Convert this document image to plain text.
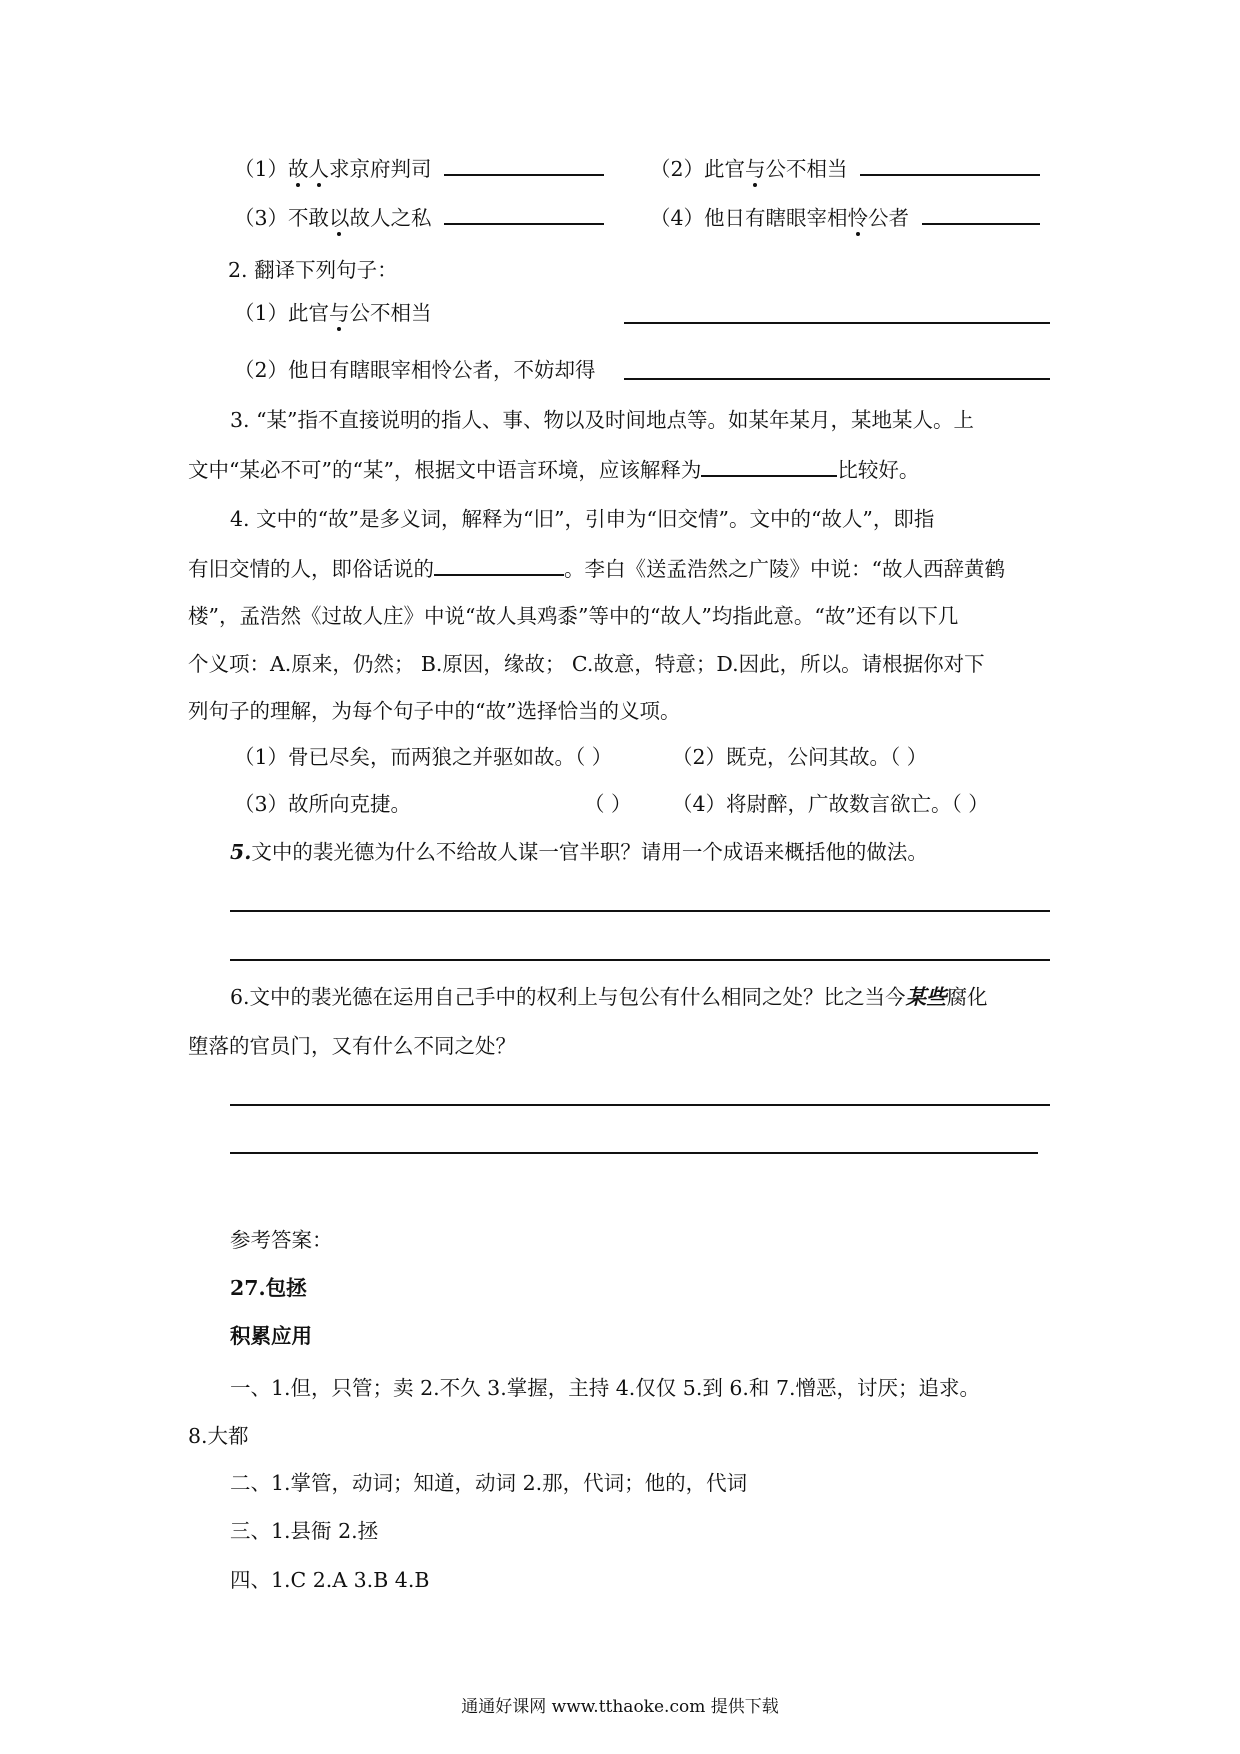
（1）故人求京府判司	（2）此官与公不相当
（3）不敢以故人之私	（4）他日有瞎眼宰相怜公者
2. 翻译下列句子：
（1）此官与公不相当
（2）他日有瞎眼宰相怜公者，不妨却得
3. “某”指不直接说明的指人、事、物以及时间地点等。如某年某月，某地某人。上
文中“某必不可”的“某”，根据文中语言环境，应该解释为	比较好。
4. 文中的“故”是多义词，解释为“旧”，引申为“旧交情”。文中的“故人”，即指
有旧交情的人，即俗话说的	。李白《送孟浩然之广陵》中说：“故人西辞黄鹤
楼”，孟浩然《过故人庄》中说“故人具鸡黍”等中的“故人”均指此意。“故”还有以下几
个义项：A.原来，仍然； B.原因，缘故； C.故意，特意；D.因此，所以。请根据你对下
列句子的理解，为每个句子中的“故”选择恰当的义项。
（1）骨已尽矣，而两狼之并驱如故。（ ）	（2）既克，公问其故。（ ）
（3）故所向克捷。	（ ） （4）将尉醉，广故数言欲亡。（ ）
5.文中的裴光德为什么不给故人谋一官半职？请用一个成语来概括他的做法。
6.文中的裴光德在运用自己手中的权利上与包公有什么相同之处？比之当今某些腐化
堕落的官员门，又有什么不同之处？
参考答案：
27.包拯
积累应用
一、1.但，只管；卖 2.不久 3.掌握，主持 4.仅仅 5.到 6.和 7.憎恶，讨厌；追求。
8.大都
二、1.掌管，动词；知道，动词 2.那，代词；他的，代词
三、1.县衙 2.拯
四、1.C 2.A 3.B 4.B
通通好课网 www.tthaoke.com 提供下载
